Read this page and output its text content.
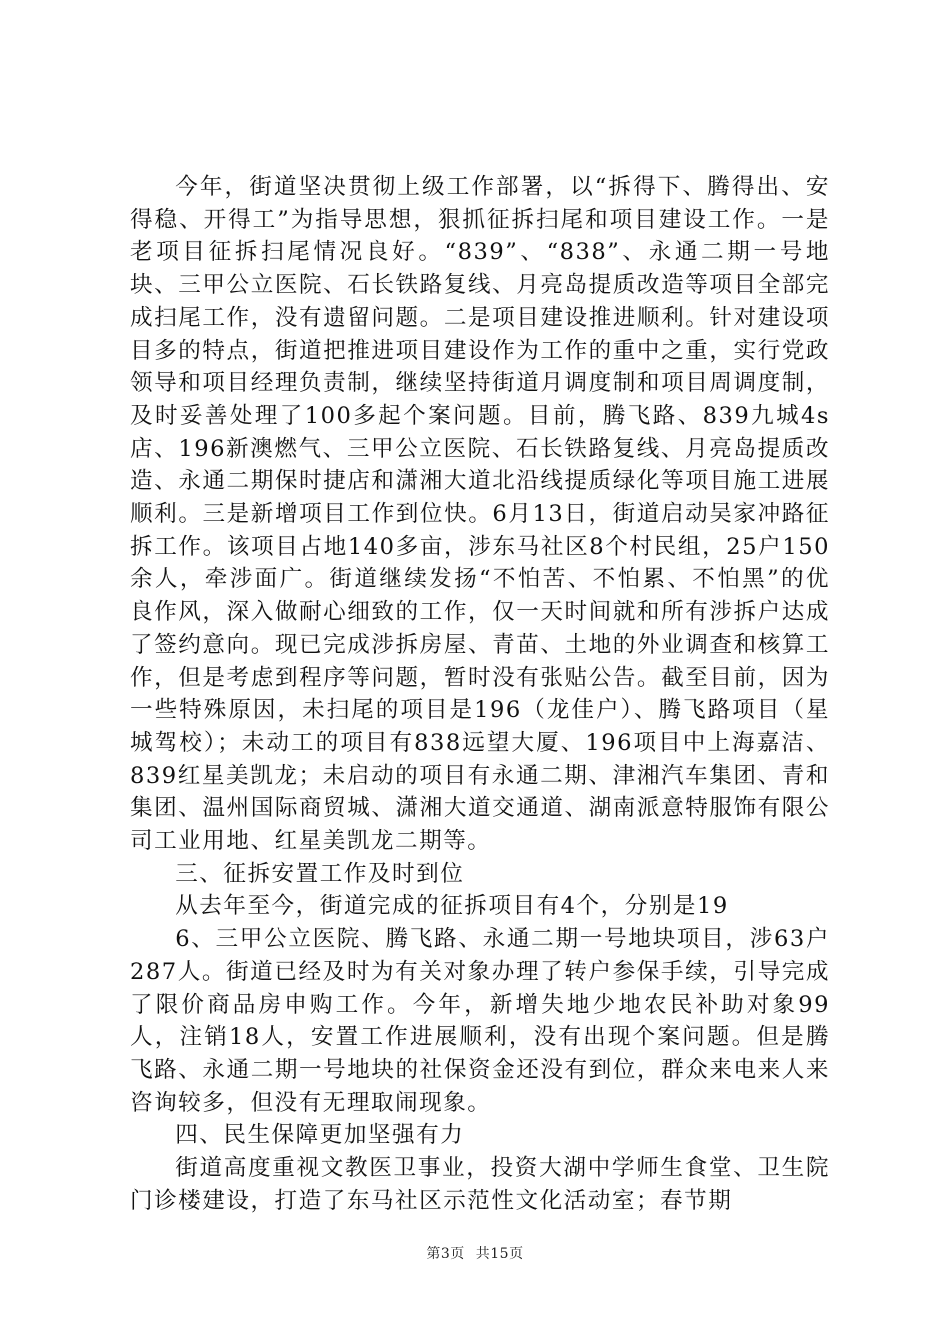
今年，街道坚决贯彻上级工作部署，以“拆得下、腾得出、安得稳、开得工”为指导思想，狠抓征拆扫尾和项目建设工作。一是老项目征拆扫尾情况良好。“839”、“838”、永通二期一号地块、三甲公立医院、石长铁路复线、月亮岛提质改造等项目全部完成扫尾工作，没有遗留问题。二是项目建设推进顺利。针对建设项目多的特点，街道把推进项目建设作为工作的重中之重，实行党政领导和项目经理负责制，继续坚持街道月调度制和项目周调度制，及时妥善处理了100多起个案问题。目前，腾飞路、839九城4s店、196新澳燃气、三甲公立医院、石长铁路复线、月亮岛提质改造、永通二期保时捷店和潇湘大道北沿线提质绿化等项目施工进展顺利。三是新增项目工作到位快。6月13日，街道启动吴家冲路征拆工作。该项目占地140多亩，涉东马社区8个村民组，25户150余人，牵涉面广。街道继续发扬“不怕苦、不怕累、不怕黑”的优良作风，深入做耐心细致的工作，仅一天时间就和所有涉拆户达成了签约意向。现已完成涉拆房屋、青苗、土地的外业调查和核算工作，但是考虑到程序等问题，暂时没有张贴公告。截至目前，因为一些特殊原因，未扫尾的项目是196（龙佳户）、腾飞路项目（星城驾校）；未动工的项目有838远望大厦、196项目中上海嘉洁、839红星美凯龙；未启动的项目有永通二期、津湘汽车集团、青和集团、温州国际商贸城、潇湘大道交通道、湖南派意特服饰有限公司工业用地、红星美凯龙二期等。

三、征拆安置工作及时到位

从去年至今，街道完成的征拆项目有4个，分别是19

6、三甲公立医院、腾飞路、永通二期一号地块项目，涉63户287人。街道已经及时为有关对象办理了转户参保手续，引导完成了限价商品房申购工作。今年，新增失地少地农民补助对象99人，注销18人，安置工作进展顺利，没有出现个案问题。但是腾飞路、永通二期一号地块的社保资金还没有到位，群众来电来人来咨询较多，但没有无理取闹现象。

四、民生保障更加坚强有力

街道高度重视文教医卫事业，投资大湖中学师生食堂、卫生院门诊楼建设，打造了东马社区示范性文化活动室；春节期

第3页 共15页
